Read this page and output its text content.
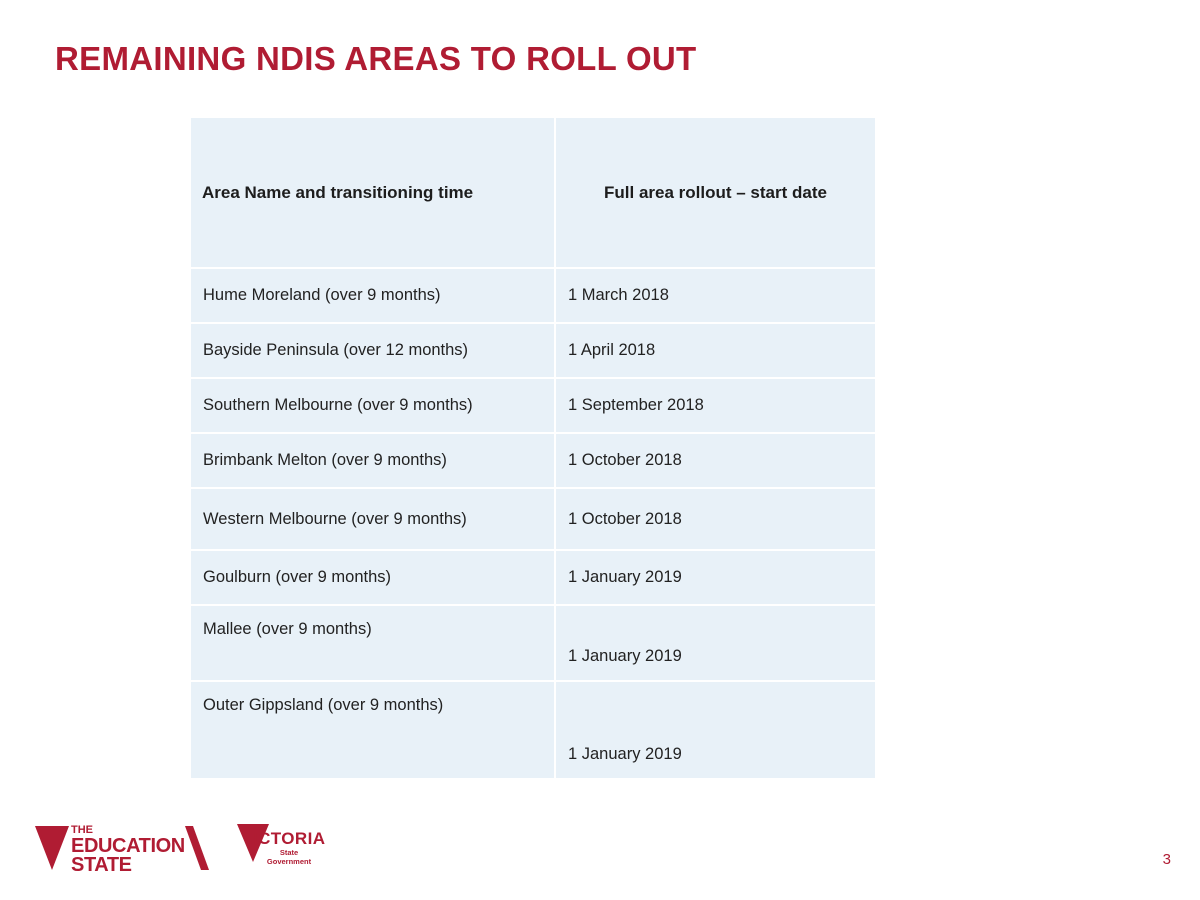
REMAINING NDIS AREAS TO ROLL OUT
Area Name and transitioning time	Full area rollout – start date
Hume Moreland (over 9 months)	1 March 2018
Bayside Peninsula (over 12 months)	1 April 2018
Southern Melbourne (over 9 months)	1 September 2018
Brimbank Melton (over 9 months)	1 October 2018
Western Melbourne (over 9 months)	1 October 2018
Goulburn (over 9 months)	1 January 2019
Mallee (over 9 months)	1 January 2019
Outer Gippsland (over 9 months)	1 January 2019
THE
EDUCATION
STATE
ICTORIA
State
Government	3
